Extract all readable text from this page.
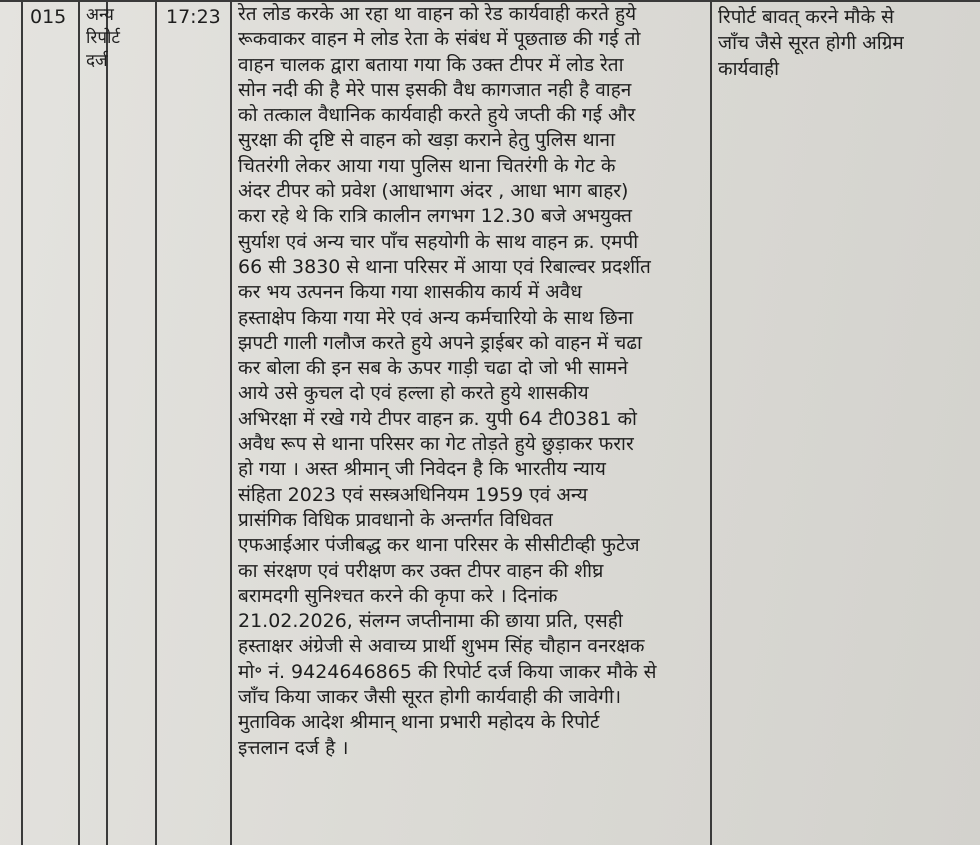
015 अन्य
रिपोर्ट
दर्ज
17:23 रेत लोड करके आ रहा था वाहन को रेड कार्यवाही करते हुये
रूकवाकर वाहन मे लोड रेता के संबंध में पूछताछ की गई तो
वाहन चालक द्वारा बताया गया कि उक्त टीपर में लोड रेता
सोन नदी की है मेरे पास इसकी वैध कागजात नही है वाहन
को तत्काल वैधानिक कार्यवाही करते हुये जप्ती की गई और
सुरक्षा की दृष्टि से वाहन को खड़ा कराने हेतु पुलिस थाना
चितरंगी लेकर आया गया पुलिस थाना चितरंगी के गेट के
अंदर टीपर को प्रवेश (आधाभाग अंदर , आधा भाग बाहर)
करा रहे थे कि रात्रि कालीन लगभग 12.30 बजे अभयुक्त
सुर्याश एवं अन्य चार पाँच सहयोगी के साथ वाहन क्र. एमपी
66 सी 3830 से थाना परिसर में आया एवं रिबाल्वर प्रदर्शीत
कर भय उत्पनन किया गया शासकीय कार्य में अवैध
हस्ताक्षेप किया गया मेरे एवं अन्य कर्मचारियो के साथ छिना
झपटी गाली गलौज करते हुये अपने ड्राईबर को वाहन में चढा
कर बोला की इन सब के ऊपर गाड़ी चढा दो जो भी सामने
आये उसे कुचल दो एवं हल्ला हो करते हुये शासकीय
अभिरक्षा में रखे गये टीपर वाहन क्र. युपी 64 टी0381 को
अवैध रूप से थाना परिसर का गेट तोड़ते हुये छुड़ाकर फरार
हो गया । अस्त श्रीमान् जी निवेदन है कि भारतीय न्याय
संहिता 2023 एवं सस्त्रअधिनियम 1959 एवं अन्य
प्रासंगिक विधिक प्रावधानो के अन्तर्गत विधिवत
एफआईआर पंजीबद्ध कर थाना परिसर के सीसीटीव्ही फुटेज
का संरक्षण एवं परीक्षण कर उक्त टीपर वाहन की शीघ्र
बरामदगी सुनिश्चत करने की कृपा करे । दिनांक
21.02.2026, संलग्न जप्तीनामा की छाया प्रति, एसही
हस्ताक्षर अंग्रेजी से अवाच्य प्रार्थी शुभम सिंह चौहान वनरक्षक
मो॰ नं. 9424646865 की रिपोर्ट दर्ज किया जाकर मौके से
जाँच किया जाकर जैसी सूरत होगी कार्यवाही की जावेगी।
मुताविक आदेश श्रीमान् थाना प्रभारी महोदय के रिपोर्ट
इत्तलान दर्ज है ।
रिपोर्ट बावत् करने मौके से
जाँच जैसे सूरत होगी अग्रिम
कार्यवाही
